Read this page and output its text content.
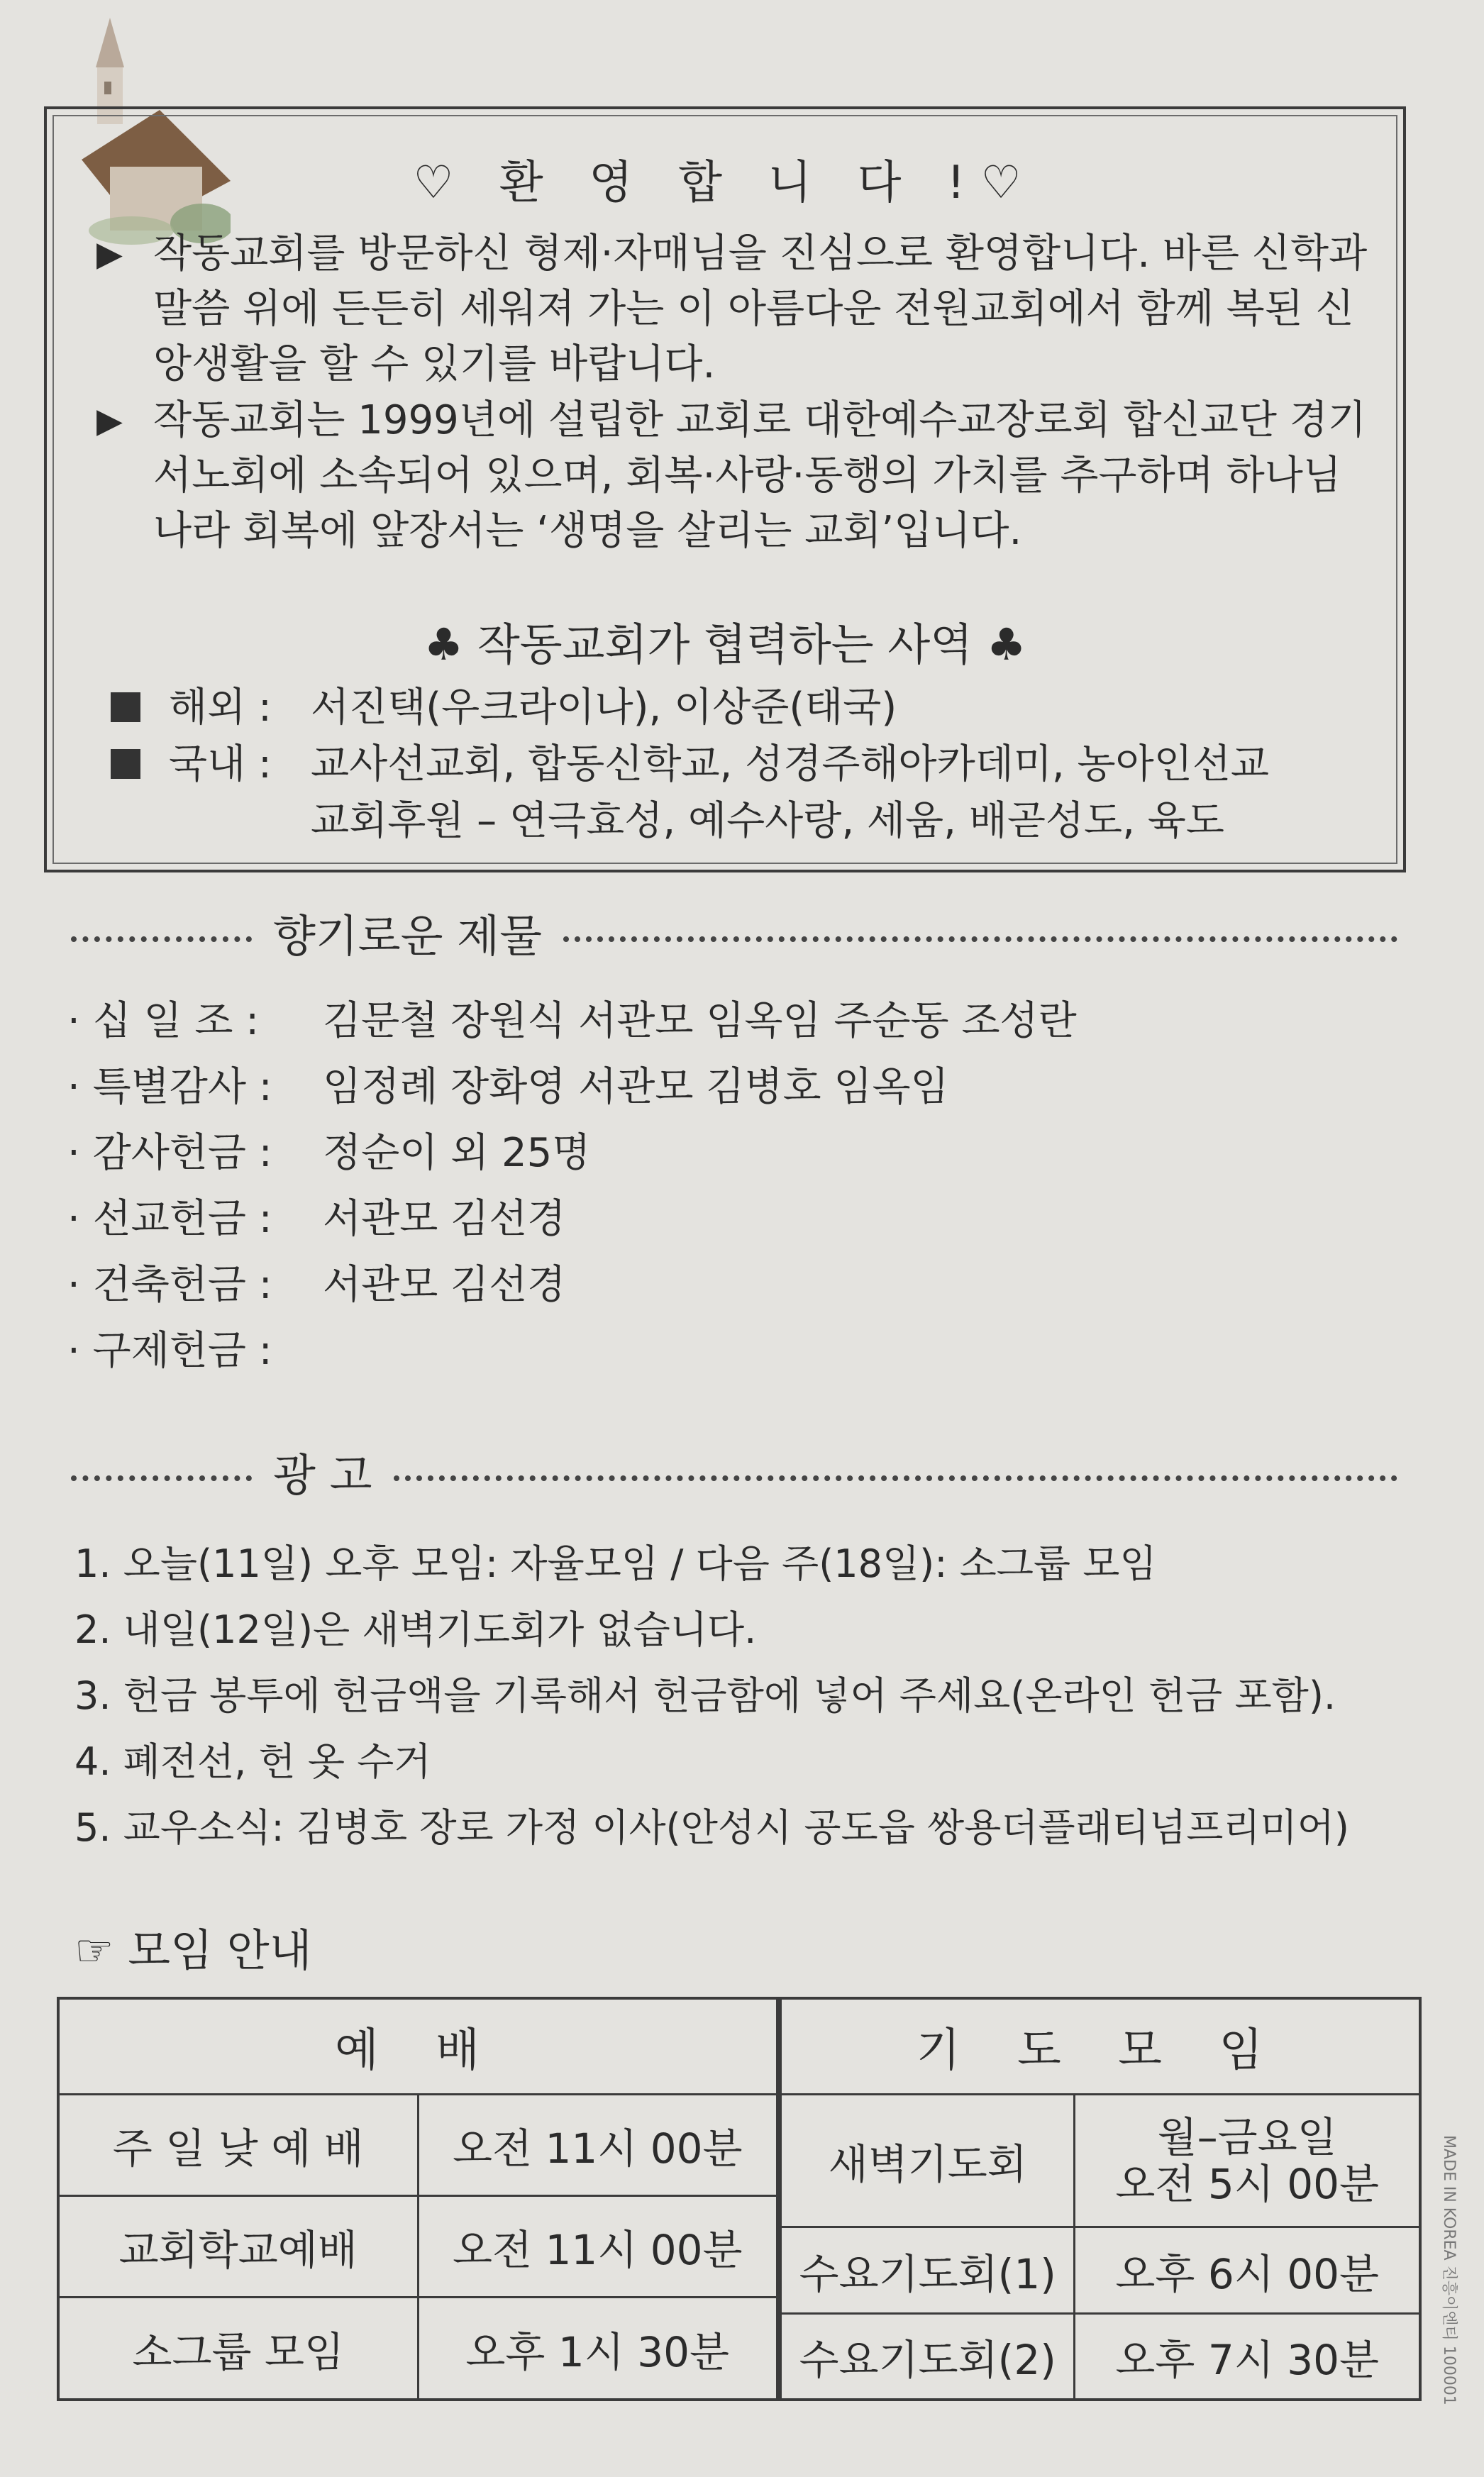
♡ 환 영 합 니 다 !♡
▶ 작동교회를 방문하신 형제·자매님을 진심으로 환영합니다. 바른 신학과 말씀 위에 든든히 세워져 가는 이 아름다운 전원교회에서 함께 복된 신앙생활을 할 수 있기를 바랍니다.
▶ 작동교회는 1999년에 설립한 교회로 대한예수교장로회 합신교단 경기서노회에 소속되어 있으며, 회복·사랑·동행의 가치를 추구하며 하나님 나라 회복에 앞장서는 ‘생명을 살리는 교회’입니다.
♣ 작동교회가 협력하는 사역 ♣
해외 : 서진택(우크라이나), 이상준(태국)
국내 : 교사선교회, 합동신학교, 성경주해아카데미, 농아인선교
교회후원 – 연극효성, 예수사랑, 세움, 배곧성도, 육도
향기로운 제물
· 십 일 조 : 김문철 장원식 서관모 임옥임 주순동 조성란
· 특별감사 : 임정례 장화영 서관모 김병호 임옥임
· 감사헌금 : 정순이 외 25명
· 선교헌금 : 서관모 김선경
· 건축헌금 : 서관모 김선경
· 구제헌금 :
광 고
1. 오늘(11일) 오후 모임: 자율모임 / 다음 주(18일): 소그룹 모임
2. 내일(12일)은 새벽기도회가 없습니다.
3. 헌금 봉투에 헌금액을 기록해서 헌금함에 넣어 주세요(온라인 헌금 포함).
4. 폐전선, 헌 옷 수거
5. 교우소식: 김병호 장로 가정 이사(안성시 공도읍 쌍용더플래티넘프리미어)
☞ 모임 안내
예 배	
주 일 낮 예 배	오전 11시 00분
교회학교예배	오전 11시 00분
소그룹 모임	오후 1시 30분
기 도 모 임	
새벽기도회	월–금요일
오전 5시 00분

수요기도회(1)	오후 6시 00분
수요기도회(2)	오후 7시 30분	MADE IN KOREA 진흥이엔티 100001
